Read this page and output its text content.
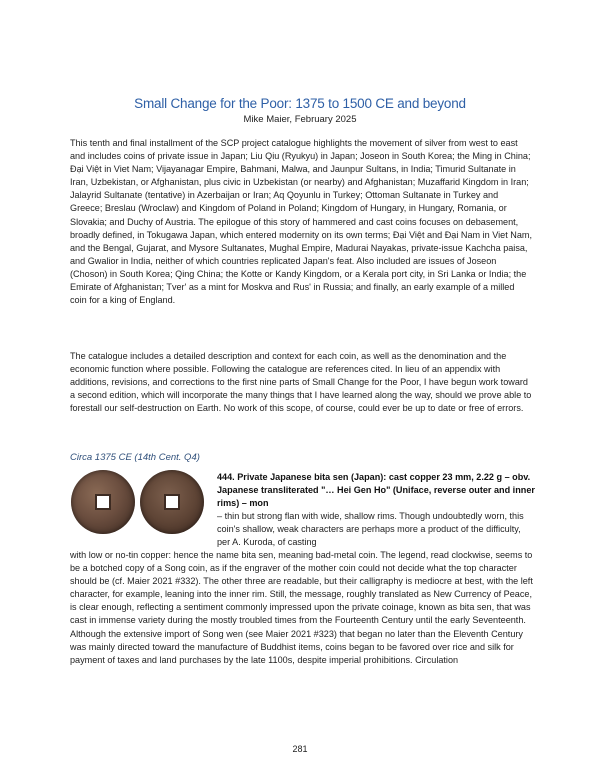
Small Change for the Poor: 1375 to 1500 CE and beyond
Mike Maier, February 2025

This tenth and final installment of the SCP project catalogue highlights the movement of silver from west to east and includes coins of private issue in Japan; Liu Qiu (Ryukyu) in Japan; Joseon in South Korea; the Ming in China; Đại Việt in Viet Nam; Vijayanagar Empire, Bahmani, Malwa, and Jaunpur Sultans, in India; Timurid Sultanate in Iran, Uzbekistan, or Afghanistan, plus civic in Uzbekistan (or nearby) and Afghanistan; Muzaffarid Kingdom in Iran; Jalayrid Sultanate (tentative) in Azerbaijan or Iran; Aq Qoyunlu in Turkey; Ottoman Sultanate in Turkey and Greece; Breslau (Wroclaw) and Kingdom of Poland in Poland; Kingdom of Hungary, in Hungary, Romania, or Slovakia; and Duchy of Austria. The epilogue of this story of hammered and cast coins focuses on debasement, broadly defined, in Tokugawa Japan, which entered modernity on its own terms; Đại Việt and Đại Nam in Viet Nam, and the Bengal, Gujarat, and Mysore Sultanates, Mughal Empire, Madurai Nayakas, private-issue Kachcha paisa, and Gwalior in India, neither of which countries replicated Japan's feat. Also included are issues of Joseon (Choson) in South Korea; Qing China; the Kotte or Kandy Kingdom, or a Kerala port city, in Sri Lanka or India; the Emirate of Afghanistan; Tver' as a mint for Moskva and Rus' in Russia; and finally, an early example of a milled coin for a king of England.

The catalogue includes a detailed description and context for each coin, as well as the denomination and the economic function where possible. Following the catalogue are references cited. In lieu of an appendix with additions, revisions, and corrections to the first nine parts of Small Change for the Poor, I have begun work toward a second edition, which will incorporate the many things that I have learned along the way, should we prove able to forestall our self-destruction on Earth. No work of this scope, of course, could ever be up to date or free of errors.

Circa 1375 CE (14th Cent. Q4)
444. Private Japanese bita sen (Japan): cast copper 23 mm, 2.22 g – obv. Japanese transliterated "… Hei Gen Ho" (Uniface, reverse outer and inner rims) – mon
– thin but strong flan with wide, shallow rims. Though undoubtedly worn, this coin's shallow, weak characters are perhaps more a product of the difficulty, per A. Kuroda, of casting
with low or no-tin copper: hence the name bita sen, meaning bad-metal coin. The legend, read clockwise, seems to be a botched copy of a Song coin, as if the engraver of the mother coin could not decide what the top character should be (cf. Maier 2021 #332). The other three are readable, but their calligraphy is mediocre at best, with the left character, for example, leaning into the inner rim. Still, the message, roughly translated as New Currency of Peace, is clear enough, reflecting a sentiment commonly impressed upon the private coinage, known as bita sen, that was cast in immense variety during the mostly troubled times from the Fourteenth Century until the early Seventeenth. Although the extensive import of Song wen (see Maier 2021 #323) that began no later than the Eleventh Century was mainly directed toward the manufacture of Buddhist items, coins began to be favored over rice and silk for payment of taxes and land purchases by the late 1100s, despite imperial prohibitions. Circulation
281
